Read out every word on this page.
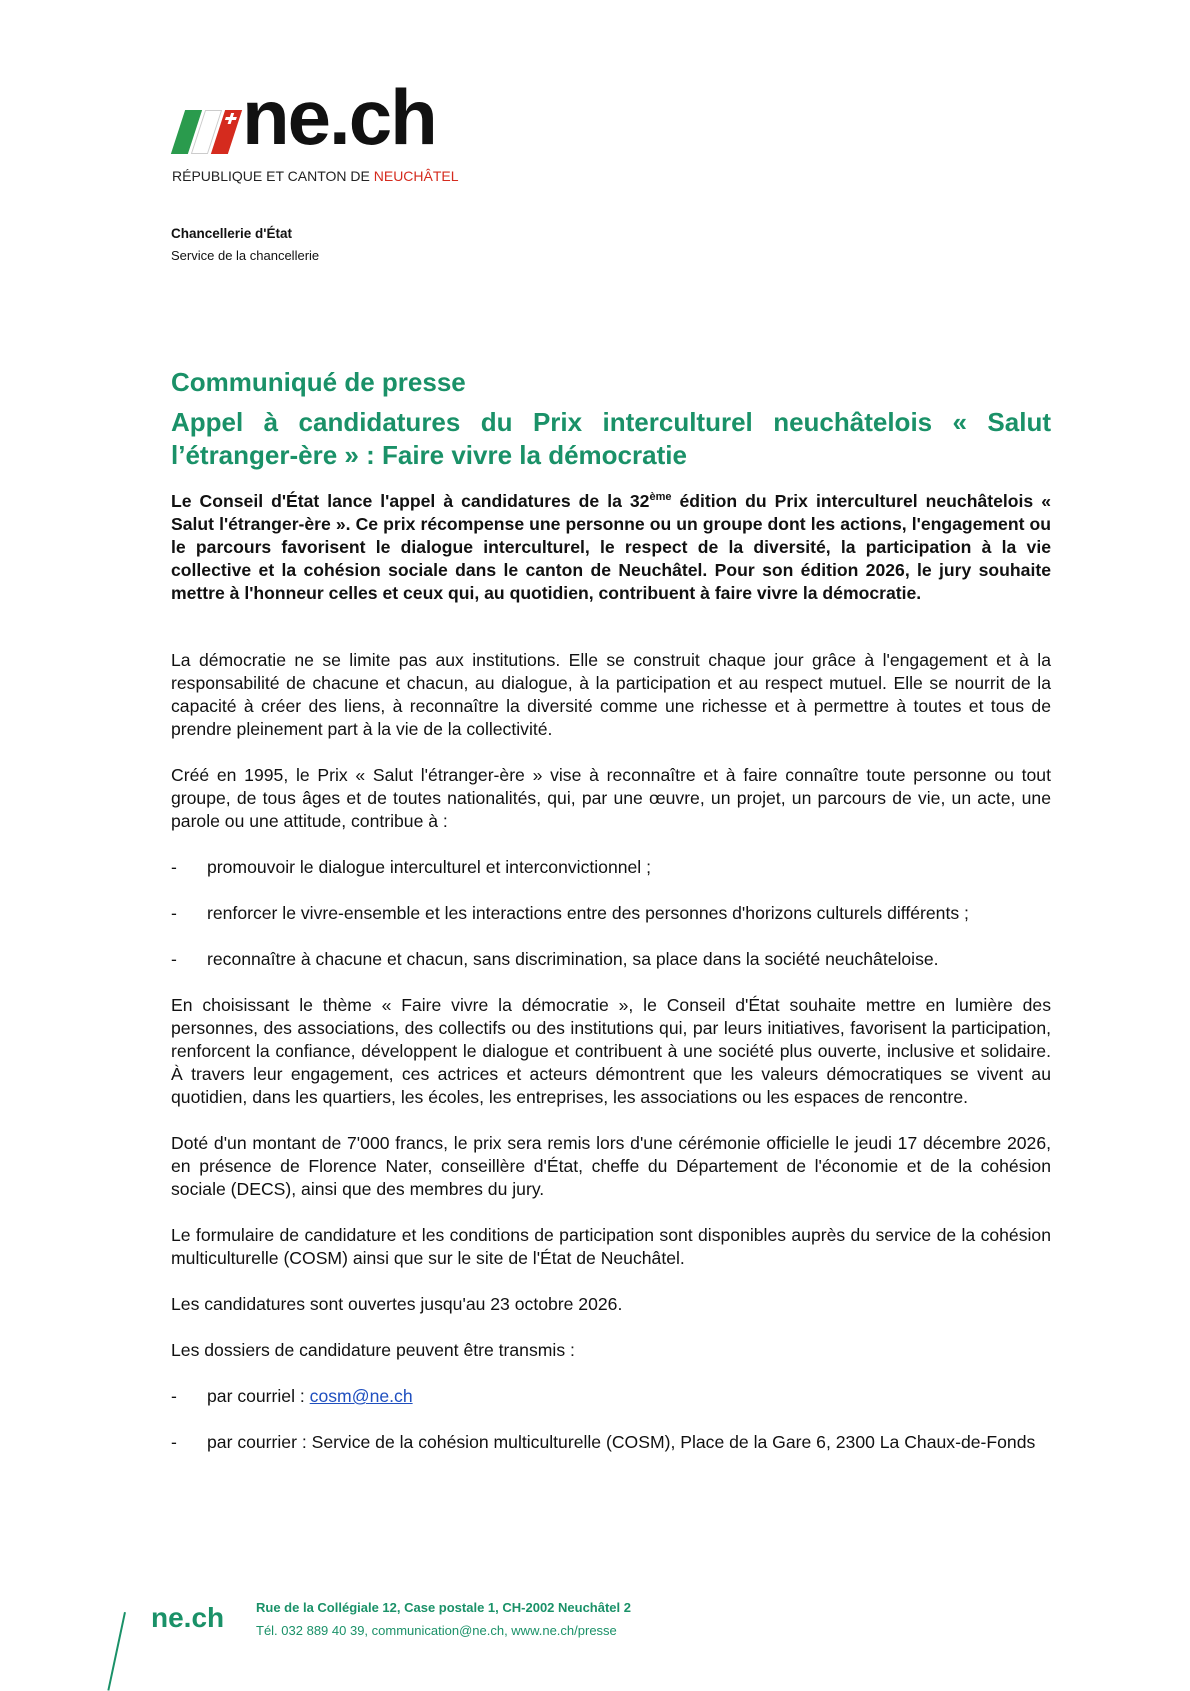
ne.ch
RÉPUBLIQUE ET CANTON DE NEUCHÂTEL
Chancellerie d'État
Service de la chancellerie
Communiqué de presse
Appel à candidatures du Prix interculturel neuchâtelois « Salut l’étranger-ère » : Faire vivre la démocratie
Le Conseil d'État lance l'appel à candidatures de la 32ème édition du Prix interculturel neuchâtelois « Salut l'étranger-ère ». Ce prix récompense une personne ou un groupe dont les actions, l'engagement ou le parcours favorisent le dialogue interculturel, le respect de la diversité, la participation à la vie collective et la cohésion sociale dans le canton de Neuchâtel. Pour son édition 2026, le jury souhaite mettre à l'honneur celles et ceux qui, au quotidien, contribuent à faire vivre la démocratie.

La démocratie ne se limite pas aux institutions. Elle se construit chaque jour grâce à l'engagement et à la responsabilité de chacune et chacun, au dialogue, à la participation et au respect mutuel. Elle se nourrit de la capacité à créer des liens, à reconnaître la diversité comme une richesse et à permettre à toutes et tous de prendre pleinement part à la vie de la collectivité.

Créé en 1995, le Prix « Salut l'étranger-ère » vise à reconnaître et à faire connaître toute personne ou tout groupe, de tous âges et de toutes nationalités, qui, par une œuvre, un projet, un parcours de vie, un acte, une parole ou une attitude, contribue à :

- promouvoir le dialogue interculturel et interconvictionnel ;
- renforcer le vivre-ensemble et les interactions entre des personnes d'horizons culturels différents ;
- reconnaître à chacune et chacun, sans discrimination, sa place dans la société neuchâteloise.

En choisissant le thème « Faire vivre la démocratie », le Conseil d'État souhaite mettre en lumière des personnes, des associations, des collectifs ou des institutions qui, par leurs initiatives, favorisent la participation, renforcent la confiance, développent le dialogue et contribuent à une société plus ouverte, inclusive et solidaire. À travers leur engagement, ces actrices et acteurs démontrent que les valeurs démocratiques se vivent au quotidien, dans les quartiers, les écoles, les entreprises, les associations ou les espaces de rencontre.

Doté d'un montant de 7'000 francs, le prix sera remis lors d'une cérémonie officielle le jeudi 17 décembre 2026, en présence de Florence Nater, conseillère d'État, cheffe du Département de l'économie et de la cohésion sociale (DECS), ainsi que des membres du jury.

Le formulaire de candidature et les conditions de participation sont disponibles auprès du service de la cohésion multiculturelle (COSM) ainsi que sur le site de l'État de Neuchâtel.

Les candidatures sont ouvertes jusqu'au 23 octobre 2026.

Les dossiers de candidature peuvent être transmis :

- par courriel : cosm@ne.ch
- par courrier : Service de la cohésion multiculturelle (COSM), Place de la Gare 6, 2300 La Chaux-de-Fonds
ne.ch Rue de la Collégiale 12, Case postale 1, CH-2002 Neuchâtel 2
Tél. 032 889 40 39, communication@ne.ch, www.ne.ch/presse
